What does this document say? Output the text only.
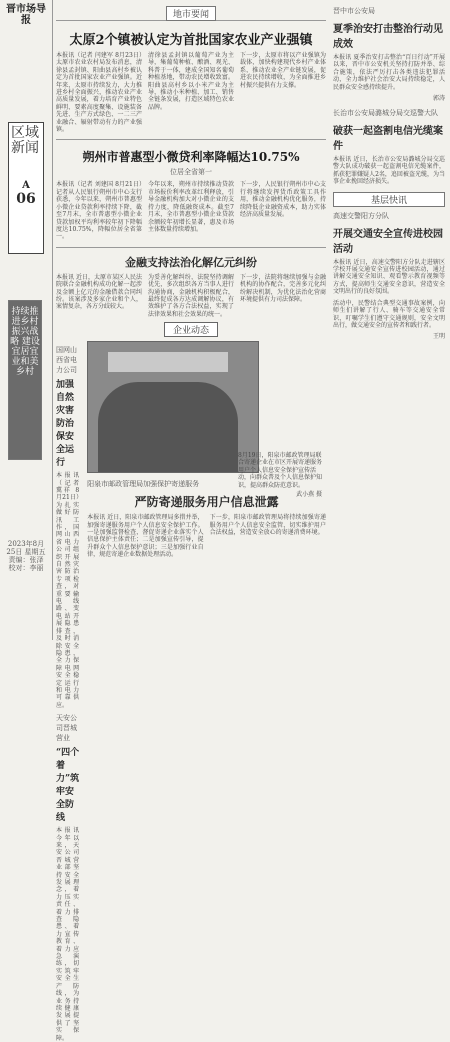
晋市场导报
区域新闻
A
06
持续推进乡村振兴战略 建设宜居宜业和美乡村
2023年8月25日 星期五 责编：张泽 校对：李丽
地市要闻
太原2个镇被认定为首批国家农业产业强镇
本报讯（记者 闫建军 8月23日）太原市农业农村局发布消息，清徐县孟封镇、阳曲县高村乡被认定为首批国家农业产业强镇。近年来，太原市持续发力，大力推进乡村全面振兴，推动农业产业高质量发展，着力培育产业特色鲜明、要素高度聚集、设施装备先进、生产方式绿色、一二三产业融合、辐射带动有力的产业强镇。
清徐县孟封镇以葡萄产业为主导，集葡萄种植、酿酒、观光、科普于一体，建成全国知名葡萄种植基地，带动农民增收致富。阳曲县高村乡以小米产业为主导，推动小米种植、加工、销售全链条发展，打造区域特色农业品牌。
下一步，太原市将以产业强镇为载体，加快构建现代乡村产业体系，推动农业全产业链发展，促进农民持续增收，为全面推进乡村振兴提供有力支撑。
朔州市普惠型小微贷利率降幅达10.75%
位居全省第一
本报讯（记者 刘建国 8月21日）记者从人民银行朔州市中心支行获悉，今年以来，朔州市普惠型小微企业贷款利率持续下降，截至7月末，全市普惠型小微企业贷款加权平均利率较年初下降幅度达10.75%，降幅位居全省第一。
今年以来，朔州市持续推动贷款市场报价利率改革红利释放，引导金融机构加大对小微企业的支持力度，降低融资成本。截至7月末，全市普惠型小微企业贷款余额较年初增长显著，惠及市场主体数量持续增加。
下一步，人民银行朔州市中心支行将继续发挥货币政策工具作用，推动金融机构优化服务，持续降低企业融资成本，助力实体经济高质量发展。
金融支持法治化解亿元纠纷
本报讯 近日，太原市某区人民法院联合金融机构成功化解一起涉及金额上亿元的金融借款合同纠纷。该案涉及多家企业和个人，案情复杂，各方分歧较大。
为妥善化解纠纷，法院坚持调解优先，多次组织各方当事人进行沟通协商，金融机构积极配合，最终促成各方达成调解协议，有效维护了各方合法权益，实现了法律效果和社会效果的统一。
下一步，法院将继续加强与金融机构的协作配合，完善多元化纠纷解决机制，为优化法治化营商环境提供有力司法保障。
企业动态
国网山西省电力公司
加强自然灾害防治保安全运行
本报讯（记者 冀祥 8月21日）为扎实做好防汛工作，国网山西省电力公司组织开展自然灾害防治专项检查，对重要输电线路、变电站开展隐患排查，及时消除安全隐患，全力保障电网安全稳定运行和电力可靠供应。
天安公司晋城营业
“四个着力”筑牢安全防线
本报讯 今年以来，天安公司晋城营业部坚持安全发展理念，着力压实责任、着力排查隐患、着力宣传教育、着力应急演练，切实筑牢安全生产防线，为业务持续健康发展提供了坚实保障。
阳泉市邮政管理局加强保护寄递服务
严防寄递服务用户信息泄露
本报讯 近日，阳泉市邮政管理局多措并举，加强寄递服务用户个人信息安全保护工作。一是加强监督检查，督促寄递企业落实个人信息保护主体责任；二是加强宣传引导，提升群众个人信息保护意识；三是加强行业自律，规范寄递企业数据处理活动。
下一步，阳泉市邮政管理局将持续加强寄递服务用户个人信息安全监管，切实维护用户合法权益，营造安全放心的寄递消费环境。
8月19日，阳泉市邮政管理局联合寄递企业在市区开展寄递服务用户个人信息安全保护宣传活动，向群众普及个人信息保护知识，提高群众防范意识。
武小燕 摄
晋中市公安局
夏季治安打击整治行动见成效
本报讯 夏季治安打击整治“百日行动”开展以来，晋中市公安机关坚持打防并举、综合施策，依法严厉打击各类违法犯罪活动，全力维护社会治安大局持续稳定，人民群众安全感持续提升。
郭涛
长治市公安局潞城分局交巡警大队
破获一起盗割电信光缆案件
本报讯 近日，长治市公安局潞城分局交巡警大队成功破获一起盗割电信光缆案件，抓获犯罪嫌疑人2名，追回被盗光缆，为当事企业挽回经济损失。
基层快讯
高速交警阳方分队
开展交通安全宣传进校园活动
本报讯 近日，高速交警阳方分队走进辖区学校开展交通安全宣传进校园活动，通过讲解交通安全知识、观看警示教育视频等方式，提高师生交通安全意识，营造安全文明出行的良好氛围。
活动中，民警结合典型交通事故案例，向师生们讲解了行人、骑车等交通安全常识，叮嘱学生们遵守交通规则，安全文明出行，做交通安全的宣传者和践行者。
王明
